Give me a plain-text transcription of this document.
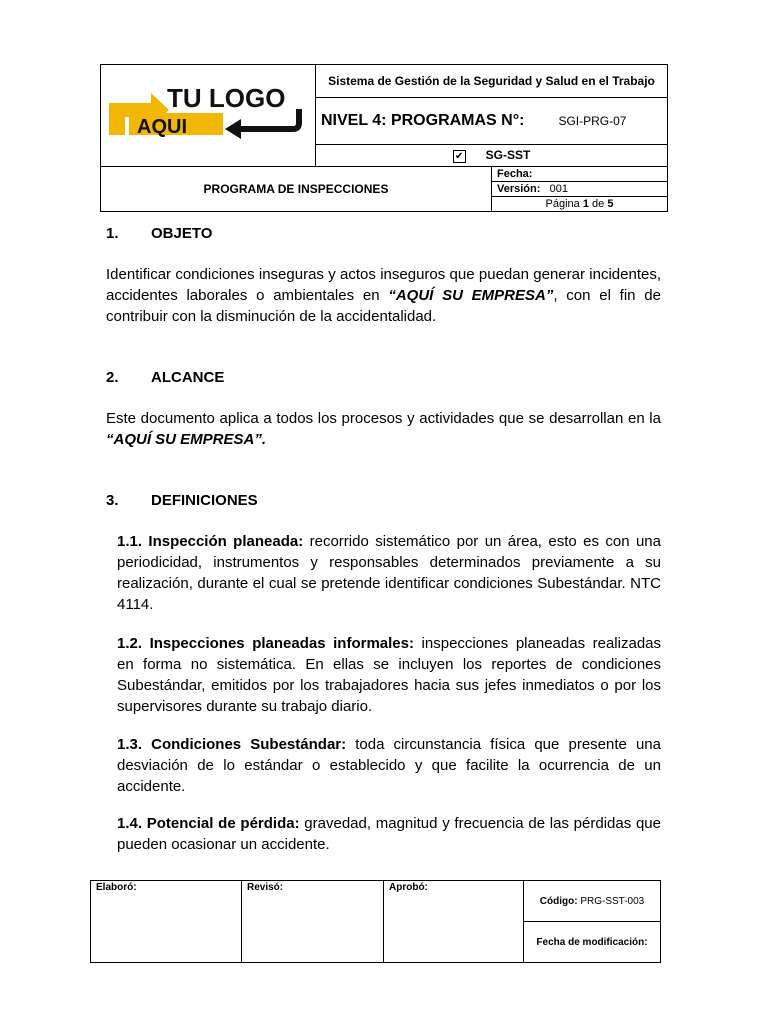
TU LOGO
AQUI	Sistema de Gestión de la Seguridad y Salud en el Trabajo	
	NIVEL 4: PROGRAMAS N°: SGI-PRG-07	
	✔ SG-SST	
PROGRAMA DE INSPECCIONES		Fecha:
		Versión: 001
		Página 1 de 5
1. OBJETO
Identificar condiciones inseguras y actos inseguros que puedan generar incidentes, accidentes laborales o ambientales en “AQUÍ SU EMPRESA”, con el fin de contribuir con la disminución de la accidentalidad.
2. ALCANCE
Este documento aplica a todos los procesos y actividades que se desarrollan en la “AQUÍ SU EMPRESA”.
3. DEFINICIONES
1.1. Inspección planeada: recorrido sistemático por un área, esto es con una periodicidad, instrumentos y responsables determinados previamente a su realización, durante el cual se pretende identificar condiciones Subestándar. NTC 4114.
1.2. Inspecciones planeadas informales: inspecciones planeadas realizadas en forma no sistemática. En ellas se incluyen los reportes de condiciones Subestándar, emitidos por los trabajadores hacia sus jefes inmediatos o por los supervisores durante su trabajo diario.
1.3. Condiciones Subestándar: toda circunstancia física que presente una desviación de lo estándar o establecido y que facilite la ocurrencia de un accidente.
1.4. Potencial de pérdida: gravedad, magnitud y frecuencia de las pérdidas que pueden ocasionar un accidente.
Elaboró:	Revisó:	Aprobó:	Código: PRG-SST-003
Fecha de modificación:
